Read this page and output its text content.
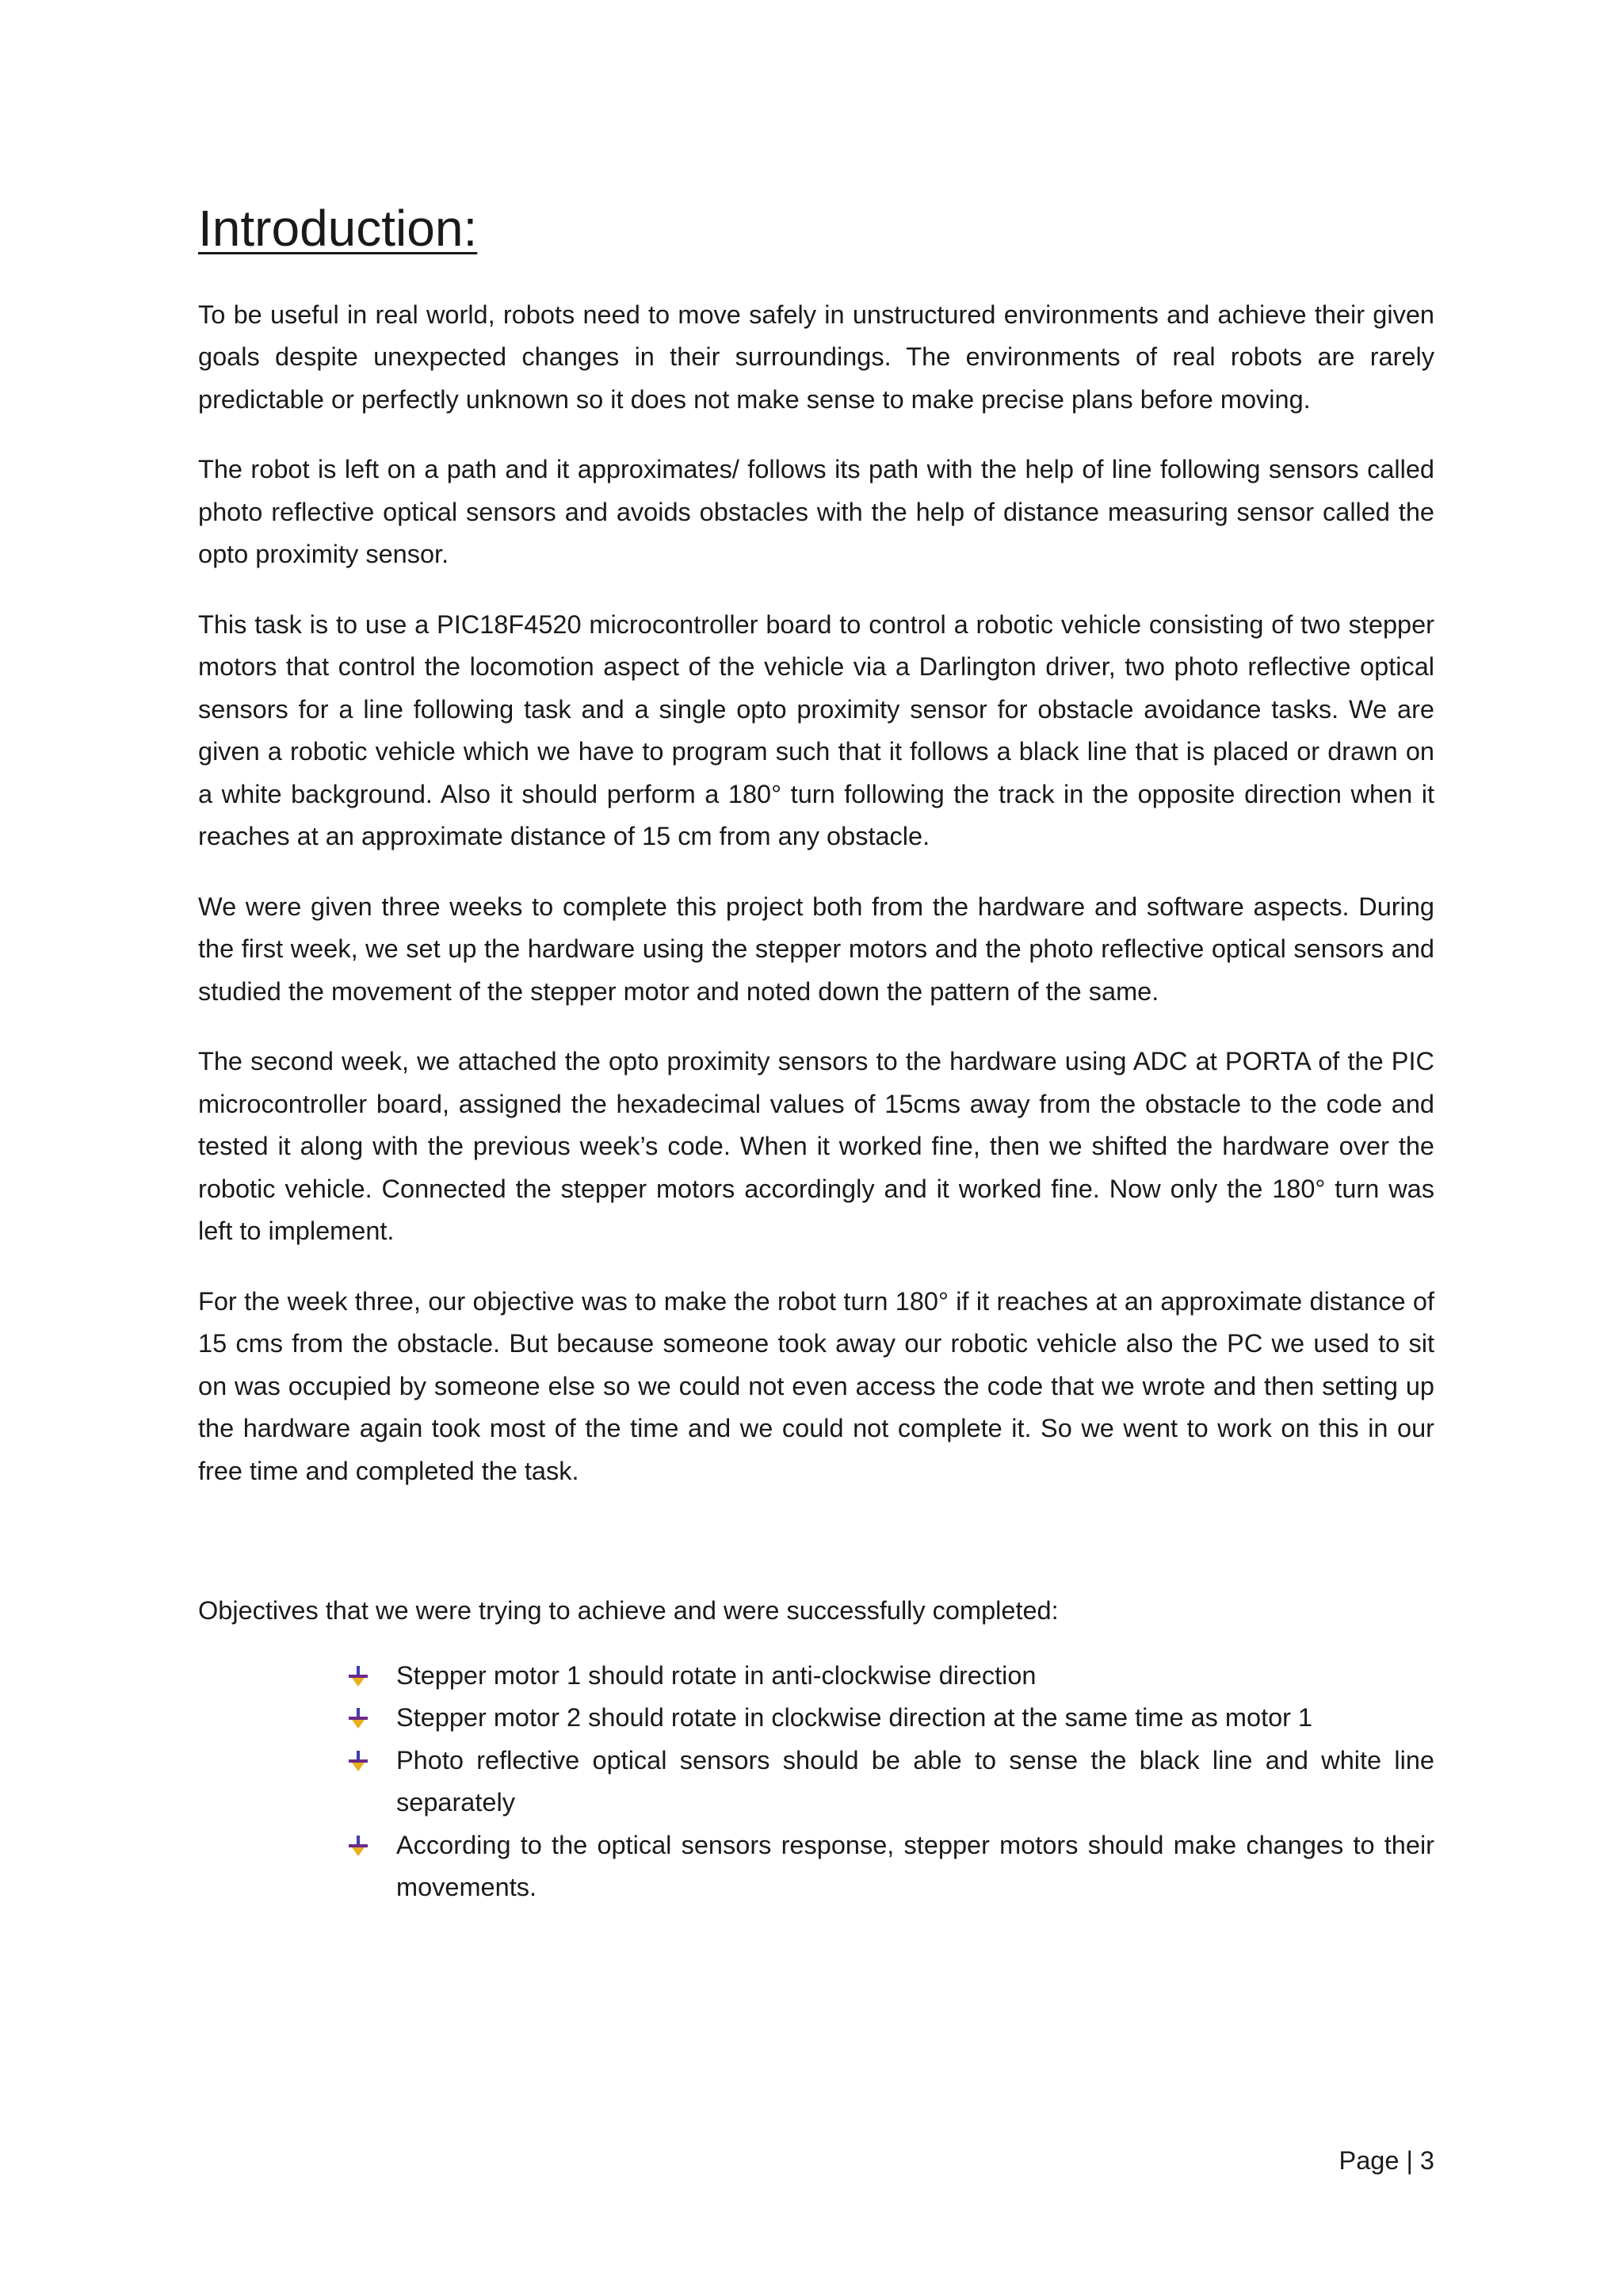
Introduction:

To be useful in real world, robots need to move safely in unstructured environments and achieve their given goals despite unexpected changes in their surroundings. The environments of real robots are rarely predictable or perfectly unknown so it does not make sense to make precise plans before moving.

The robot is left on a path and it approximates/ follows its path with the help of line following sensors called photo reflective optical sensors and avoids obstacles with the help of distance measuring sensor called the opto proximity sensor.

This task is to use a PIC18F4520 microcontroller board to control a robotic vehicle consisting of two stepper motors that control the locomotion aspect of the vehicle via a Darlington driver, two photo reflective optical sensors for a line following task and a single opto proximity sensor for obstacle avoidance tasks. We are given a robotic vehicle which we have to program such that it follows a black line that is placed or drawn on a white background. Also it should perform a 180° turn following the track in the opposite direction when it reaches at an approximate distance of 15 cm from any obstacle.

We were given three weeks to complete this project both from the hardware and software aspects. During the first week, we set up the hardware using the stepper motors and the photo reflective optical sensors and studied the movement of the stepper motor and noted down the pattern of the same.

The second week, we attached the opto proximity sensors to the hardware using ADC at PORTA of the PIC microcontroller board, assigned the hexadecimal values of 15cms away from the obstacle to the code and tested it along with the previous week’s code. When it worked fine, then we shifted the hardware over the robotic vehicle. Connected the stepper motors accordingly and it worked fine. Now only the 180° turn was left to implement.

For the week three, our objective was to make the robot turn 180° if it reaches at an approximate distance of 15 cms from the obstacle. But because someone took away our robotic vehicle also the PC we used to sit on was occupied by someone else so we could not even access the code that we wrote and then setting up the hardware again took most of the time and we could not complete it. So we went to work on this in our free time and completed the task.

Objectives that we were trying to achieve and were successfully completed:

Stepper motor 1 should rotate in anti-clockwise direction
Stepper motor 2 should rotate in clockwise direction at the same time as motor 1
Photo reflective optical sensors should be able to sense the black line and white line separately
According to the optical sensors response, stepper motors should make changes to their movements.
Page | 3
